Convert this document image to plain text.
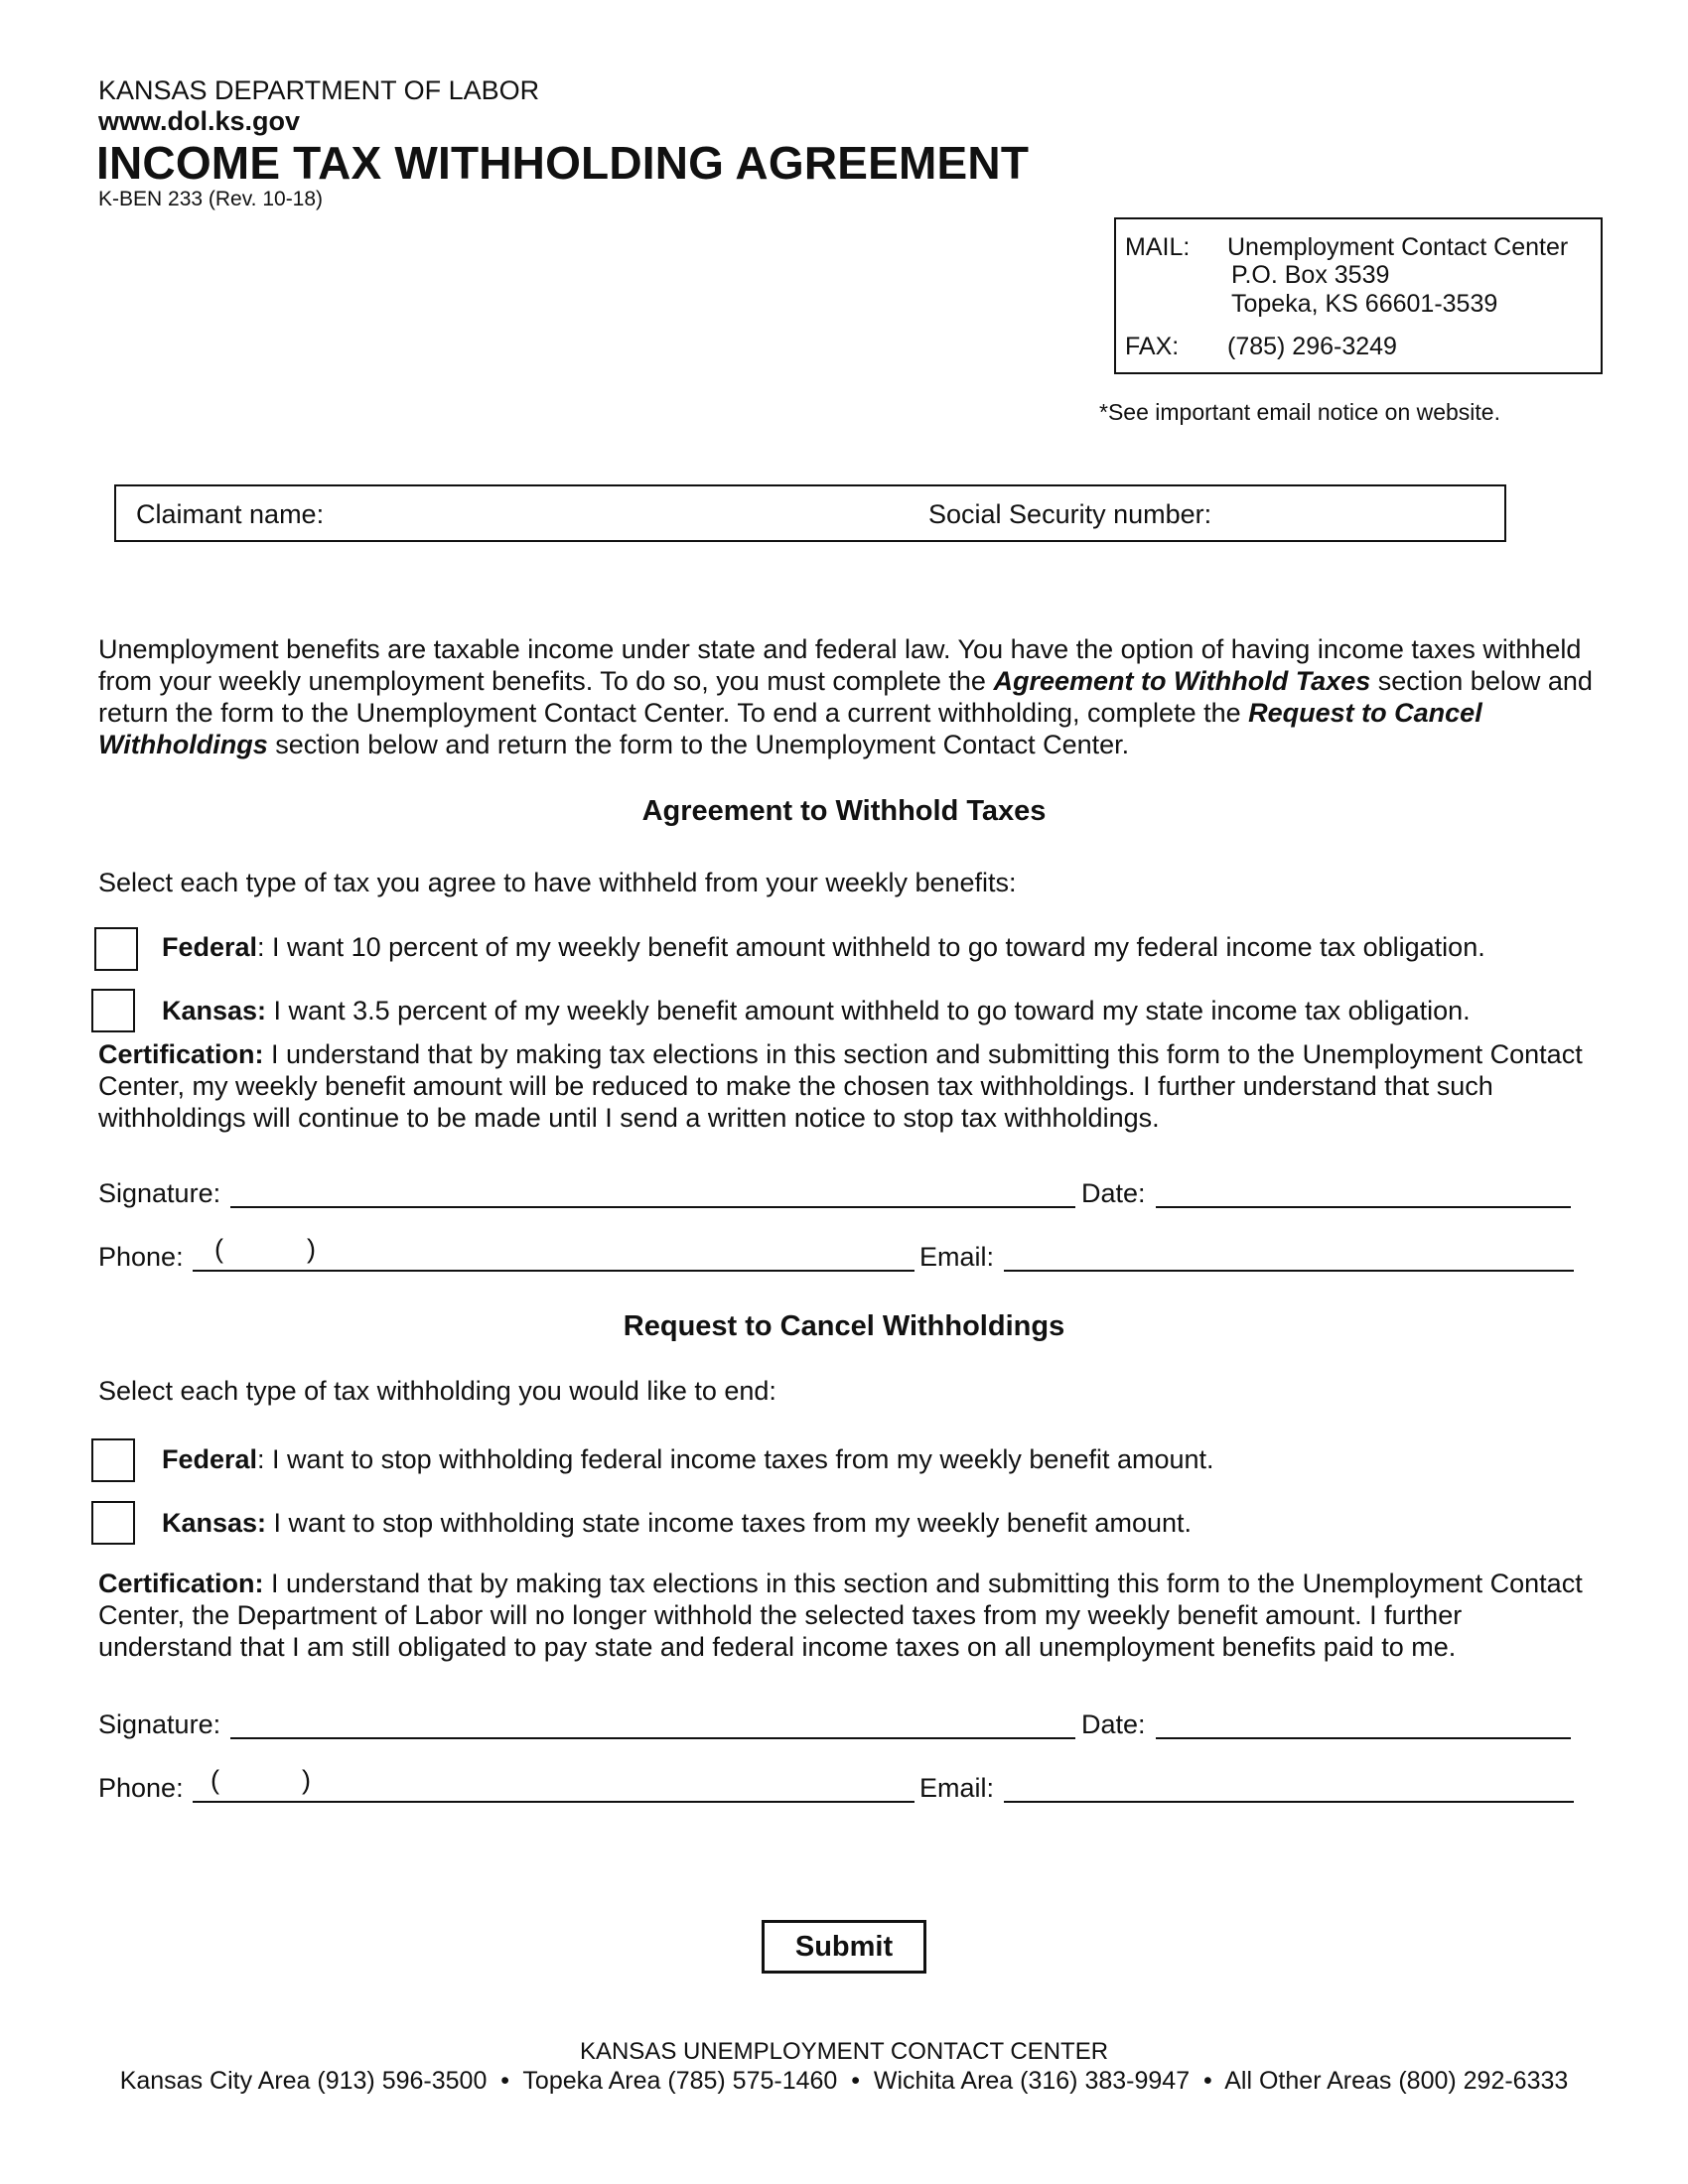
KANSAS DEPARTMENT OF LABOR
www.dol.ks.gov
INCOME TAX WITHHOLDING AGREEMENT
K-BEN 233 (Rev. 10-18)
MAIL: Unemployment Contact Center
P.O. Box 3539
Topeka, KS 66601-3539
FAX: (785) 296-3249
*See important email notice on website.
Claimant name:	Social Security number:
Unemployment benefits are taxable income under state and federal law. You have the option of having income taxes withheld from your weekly unemployment benefits. To do so, you must complete the Agreement to Withhold Taxes section below and return the form to the Unemployment Contact Center. To end a current withholding, complete the Request to Cancel Withholdings section below and return the form to the Unemployment Contact Center.
Agreement to Withhold Taxes
Select each type of tax you agree to have withheld from your weekly benefits:
Federal: I want 10 percent of my weekly benefit amount withheld to go toward my federal income tax obligation.
Kansas: I want 3.5 percent of my weekly benefit amount withheld to go toward my state income tax obligation.
Certification: I understand that by making tax elections in this section and submitting this form to the Unemployment Contact Center, my weekly benefit amount will be reduced to make the chosen tax withholdings. I further understand that such withholdings will continue to be made until I send a written notice to stop tax withholdings.
Signature:	Date:
Phone: (	)	Email:
Request to Cancel Withholdings
Select each type of tax withholding you would like to end:
Federal: I want to stop withholding federal income taxes from my weekly benefit amount.
Kansas: I want to stop withholding state income taxes from my weekly benefit amount.
Certification: I understand that by making tax elections in this section and submitting this form to the Unemployment Contact Center, the Department of Labor will no longer withhold the selected taxes from my weekly benefit amount. I further understand that I am still obligated to pay state and federal income taxes on all unemployment benefits paid to me.
Signature:	Date:
Phone: (	)	Email:
Submit
KANSAS UNEMPLOYMENT CONTACT CENTER
Kansas City Area (913) 596-3500  •  Topeka Area (785) 575-1460  •  Wichita Area (316) 383-9947  •  All Other Areas (800) 292-6333
